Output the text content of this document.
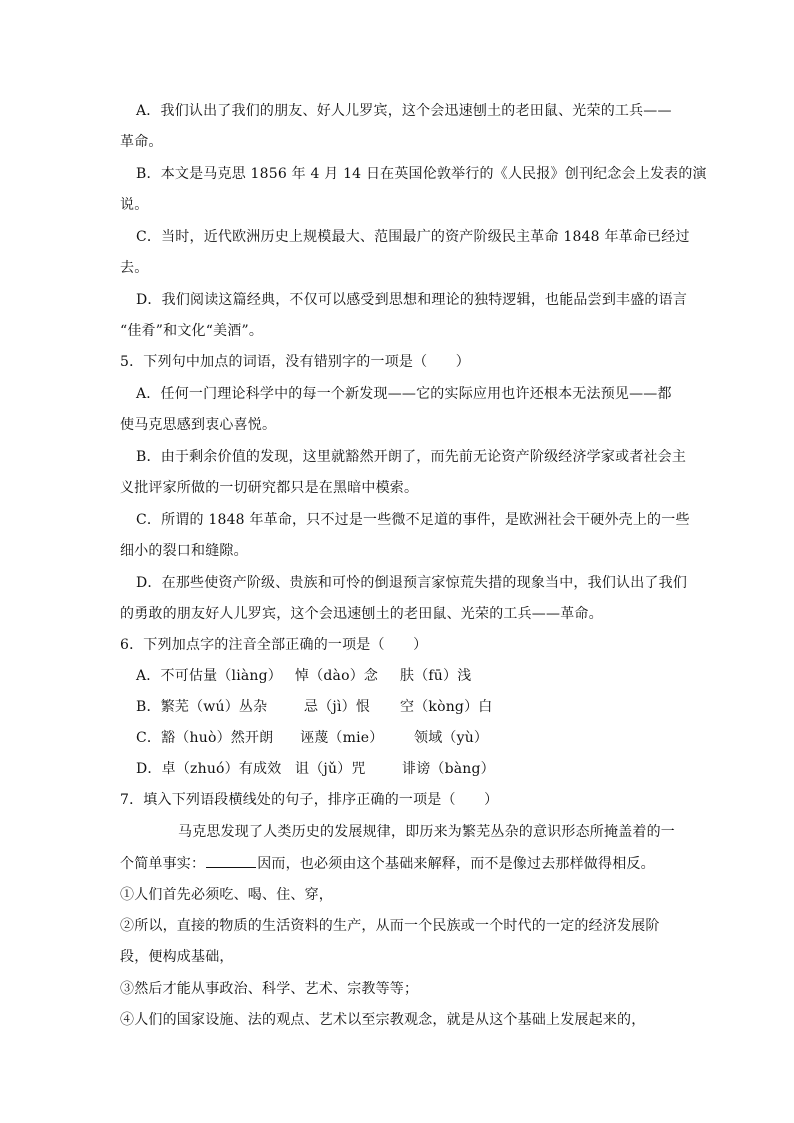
A．我们认出了我们的朋友、好人儿罗宾，这个会迅速刨土的老田鼠、光荣的工兵——
革命。
B．本文是马克思 1856 年 4 月 14 日在英国伦敦举行的《人民报》创刊纪念会上发表的演
说。
C．当时，近代欧洲历史上规模最大、范围最广的资产阶级民主革命 1848 年革命已经过
去。
D．我们阅读这篇经典，不仅可以感受到思想和理论的独特逻辑，也能品尝到丰盛的语言
“佳肴”和文化“美酒”。
5．下列句中加点的词语，没有错别字的一项是（　　）
A．任何一门理论科学中的每一个新发现——它的实际应用也许还根本无法预见——都
使马克思感到衷心喜悦。
B．由于剩余价值的发现，这里就豁然开朗了，而先前无论资产阶级经济学家或者社会主
义批评家所做的一切研究都只是在黑暗中模索。
C．所谓的 1848 年革命，只不过是一些微不足道的事件，是欧洲社会干硬外壳上的一些
细小的裂口和缝隙。
D．在那些使资产阶级、贵族和可怜的倒退预言家惊荒失措的现象当中，我们认出了我们
的勇敢的朋友好人儿罗宾，这个会迅速刨土的老田鼠、光荣的工兵——革命。
6．下列加点字的注音全部正确的一项是（　　）
A．不可估量（liàng） 悼（dào）念 肤（fū）浅
B．繁芜（wú）丛杂	忌（jì）恨 空（kòng）白
C．豁（huò）然开朗 诬蔑（mie） 领域（yù）
D．卓（zhuó）有成效 诅（jǔ）咒	诽谤（bàng）
7．填入下列语段横线处的句子，排序正确的一项是（　　）
马克思发现了人类历史的发展规律，即历来为繁芜丛杂的意识形态所掩盖着的一
个简单事实：	因而，也必须由这个基础来解释，而不是像过去那样做得相反。
①人们首先必须吃、喝、住、穿，
②所以，直接的物质的生活资料的生产，从而一个民族或一个时代的一定的经济发展阶
段，便构成基础，
③然后才能从事政治、科学、艺术、宗教等等；
④人们的国家设施、法的观点、艺术以至宗教观念，就是从这个基础上发展起来的，
